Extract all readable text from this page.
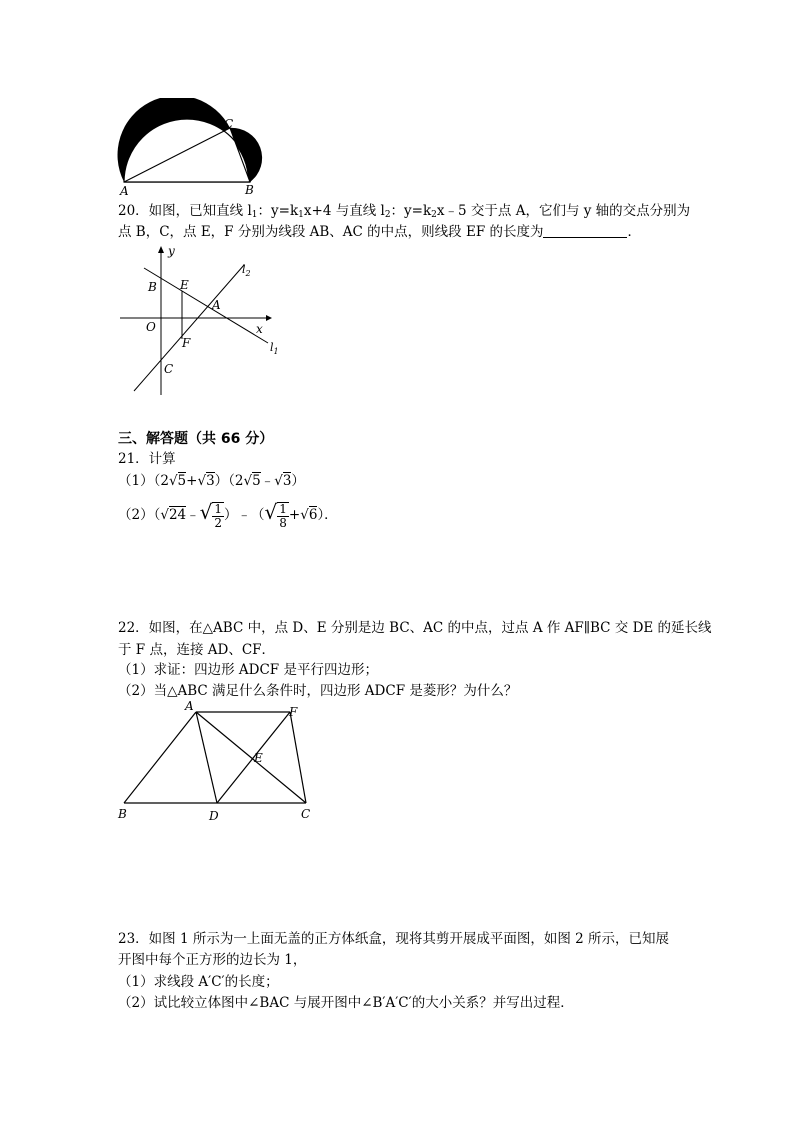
A	B
C
20．如图，已知直线 $l_1$：$y=k_1x+4$ 与直线 $l_2$：$y=k_2x﹣5$ 交于点 A，它们与 y 轴的交点分别为
点 B，C，点 E，F 分别为线段 AB、AC 的中点，则线段 EF 的长度为	．
y
x
O
B E
A
F
C
$l_2$
$l_1$
三、解答题（共 66 分）
21．计算
（1）（2√5+√3）（2√5﹣√3）
（2）（√24﹣√ $\frac{1}{2}$ ）﹣（√ $\frac{1}{8} +√6$）．
22．如图，在△ABC 中，点 D、E 分别是边 BC、AC 的中点，过点 A 作 AF∥BC 交 DE 的延长线
于 F 点，连接 AD、CF．
（1）求证：四边形 ADCF 是平行四边形；
（2）当△ABC 满足什么条件时，四边形 ADCF 是菱形？为什么？
A	F
E
B	D	C
23．如图 1 所示为一上面无盖的正方体纸盒，现将其剪开展成平面图，如图 2 所示，已知展
开图中每个正方形的边长为 1，
（1）求线段 A′C′的长度；
（2）试比较立体图中∠BAC 与展开图中∠B′A′C′的大小关系？并写出过程．
